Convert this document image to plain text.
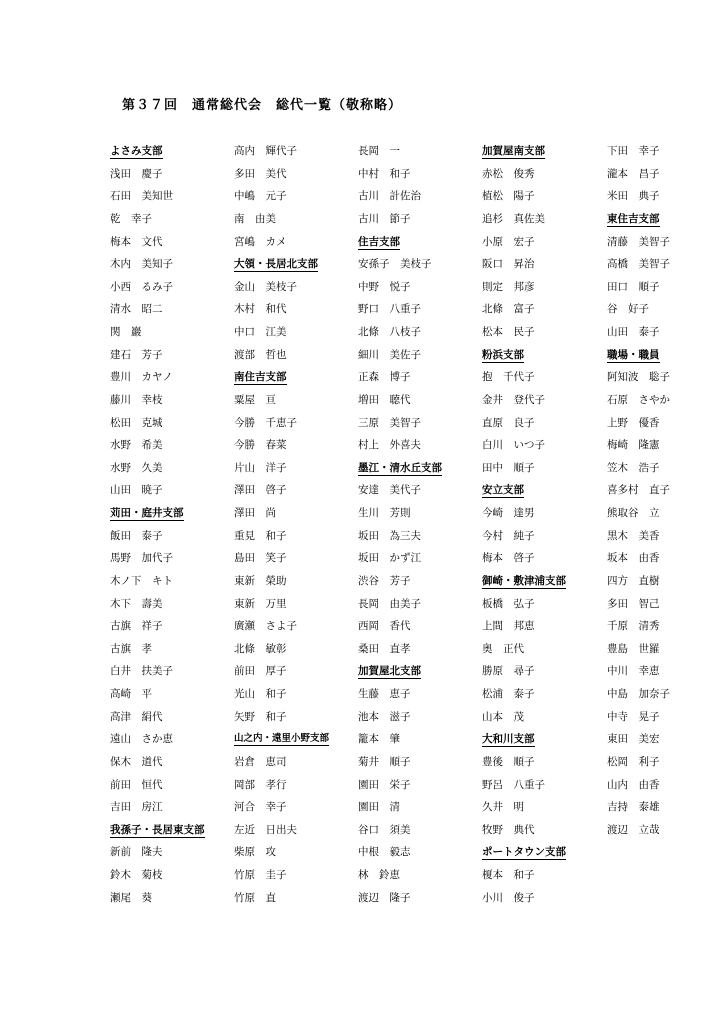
第３７回　通常総代会　総代一覧（敬称略）
よさみ支部
浅田　慶子
石田　美知世
乾　幸子
梅本　文代
木内　美知子
小西　るみ子
清水　昭二
関　巖
建石　芳子
豊川　カヤノ
藤川　幸枝
松田　克城
水野　希美
水野　久美
山田　暁子
苅田・庭井支部
飯田　泰子
馬野　加代子
木ノ下　キト
木下　壽美
古旗　祥子
古旗　孝
白井　扶美子
高崎　平
高津　絹代
遠山　さか恵
保木　道代
前田　恒代
吉田　房江
我孫子・長居東支部
新前　隆夫
鈴木　菊枝
瀬尾　葵
高内　輝代子
多田　美代
中嶋　元子
南　由美
宮嶋　カメ
大領・長居北支部
金山　美枝子
木村　和代
中口　江美
渡部　哲也
南住吉支部
粟屋　亘
今勝　千恵子
今勝　春菜
片山　洋子
澤田　啓子
澤田　尚
重見　和子
島田　笑子
東新　榮助
東新　万里
廣瀬　さよ子
北條　敏彰
前田　厚子
光山　和子
矢野　和子
山之内・遠里小野支部
岩倉　恵司
岡部　孝行
河合　幸子
左近　日出夫
柴原　攻
竹原　圭子
竹原　直
長岡　一
中村　和子
古川　計佐治
古川　節子
住吉支部
安孫子　美枝子
中野　悦子
野口　八重子
北條　八枝子
細川　美佐子
正森　博子
増田　聴代
三原　美智子
村上　外喜夫
墨江・清水丘支部
安達　美代子
生川　芳則
坂田　為三夫
坂田　かず江
渋谷　芳子
長岡　由美子
西岡　香代
桑田　直孝
加賀屋北支部
生藤　恵子
池本　滋子
籠本　肇
菊井　順子
園田　栄子
園田　清
谷口　須美
中根　毅志
林　鈴恵
渡辺　隆子
加賀屋南支部
赤松　俊秀
植松　陽子
追杉　真佐美
小原　宏子
阪口　昇治
則定　邦彦
北條　富子
松本　民子
粉浜支部
抱　千代子
金井　登代子
直原　良子
白川　いつ子
田中　順子
安立支部
今崎　達男
今村　純子
梅本　啓子
御崎・敷津浦支部
板橋　弘子
上間　邦恵
奥　正代
勝原　尋子
松浦　泰子
山本　茂
大和川支部
豊後　順子
野呂　八重子
久井　明
牧野　典代
ポートタウン支部
榎本　和子
小川　俊子
下田　幸子
瀧本　昌子
米田　典子
東住吉支部
清藤　美智子
高橋　美智子
田口　順子
谷　好子
山田　泰子
職場・職員
阿知波　聡子
石原　さやか
上野　優香
梅崎　隆憲
笠木　浩子
喜多村　直子
熊取谷　立
黒木　美香
坂本　由香
四方　直樹
多田　智己
千原　清秀
豊島　世羅
中川　幸恵
中島　加奈子
中寺　晃子
東田　美宏
松岡　利子
山内　由香
吉持　泰雄
渡辺　立哉
